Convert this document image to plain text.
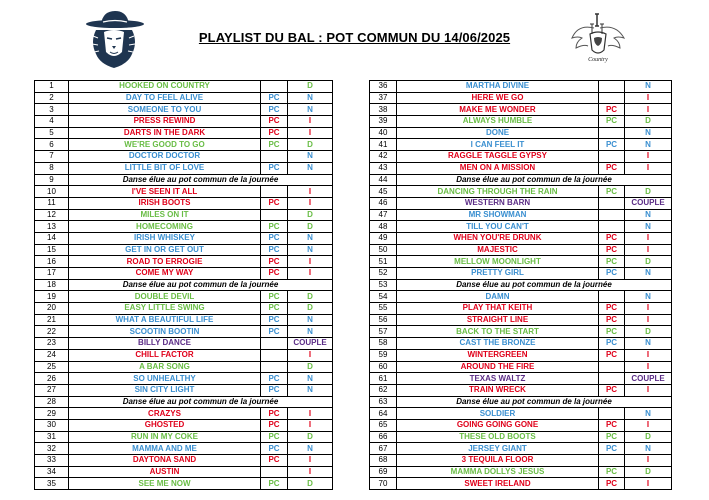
PLAYLIST DU BAL : POT COMMUN DU 14/06/2025
Country
1	HOOKED ON COUNTRY		D
2	DAY TO FEEL ALIVE	PC	N
3	SOMEONE TO YOU	PC	N
4	PRESS REWIND	PC	I
5	DARTS IN THE DARK	PC	I
6	WE'RE GOOD TO GO	PC	D
7	DOCTOR DOCTOR		N
8	LITTLE BIT OF LOVE	PC	N
9	Danse élue au pot commun de la journée		
10	I'VE SEEN IT ALL		I
11	IRISH BOOTS	PC	I
12	MILES ON IT		D
13	HOMECOMING	PC	D
14	IRISH WHISKEY	PC	N
15	GET IN OR GET OUT	PC	N
16	ROAD TO ERROGIE	PC	I
17	COME MY WAY	PC	I
18	Danse élue au pot commun de la journée		
19	DOUBLE DEVIL	PC	D
20	EASY LITTLE SWING	PC	D
21	WHAT A BEAUTIFUL LIFE	PC	N
22	SCOOTIN BOOTIN	PC	N
23	BILLY DANCE		COUPLE
24	CHILL FACTOR		I
25	A BAR SONG		D
26	SO UNHEALTHY	PC	N
27	SIN CITY LIGHT	PC	N
28	Danse élue au pot commun de la journée		
29	CRAZYS	PC	I
30	GHOSTED	PC	I
31	RUN IN MY COKE	PC	D
32	MAMMA AND ME	PC	N
33	DAYTONA SAND	PC	I
34	AUSTIN		I
35	SEE ME NOW	PC	D
36	MARTHA DIVINE		N
37	HERE WE GO		I
38	MAKE ME WONDER	PC	I
39	ALWAYS HUMBLE	PC	D
40	DONE		N
41	I CAN FEEL IT	PC	N
42	RAGGLE TAGGLE GYPSY		I
43	MEN ON A MISSION	PC	I
44	Danse élue au pot commun de la journée		
45	DANCING THROUGH THE RAIN	PC	D
46	WESTERN BARN		COUPLE
47	MR SHOWMAN		N
48	TILL YOU CAN'T		N
49	WHEN YOU'RE DRUNK	PC	I
50	MAJESTIC	PC	I
51	MELLOW MOONLIGHT	PC	D
52	PRETTY GIRL	PC	N
53	Danse élue au pot commun de la journée		
54	DAMN		N
55	PLAY THAT KEITH	PC	I
56	STRAIGHT LINE	PC	I
57	BACK TO THE START	PC	D
58	CAST THE BRONZE	PC	N
59	WINTERGREEN	PC	I
60	AROUND THE FIRE		I
61	TEXAS WALTZ		COUPLE
62	TRAIN WRECK	PC	I
63	Danse élue au pot commun de la journée		
64	SOLDIER		N
65	GOING GOING GONE	PC	I
66	THESE OLD BOOTS	PC	D
67	JERSEY GIANT	PC	N
68	3 TEQUILA FLOOR		I
69	MAMMA DOLLYS JESUS	PC	D
70	SWEET IRELAND	PC	I
